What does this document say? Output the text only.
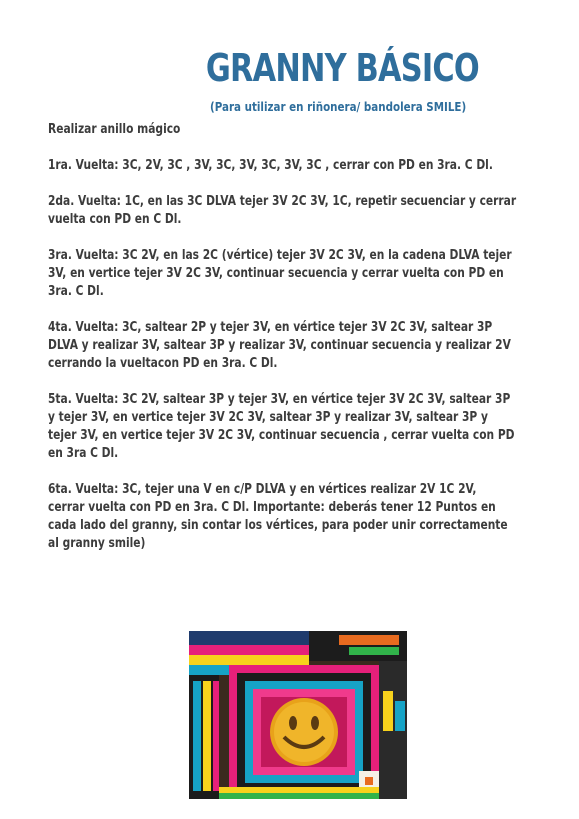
GRANNY BÁSICO
(Para utilizar en riñonera/ bandolera SMILE)

Realizar anillo mágico

1ra. Vuelta: 3C, 2V, 3C , 3V, 3C, 3V, 3C, 3V, 3C , cerrar con PD en 3ra. C Dl.

2da. Vuelta: 1C, en las 3C DLVA tejer 3V 2C 3V, 1C, repetir secuenciar y cerrar
vuelta con PD en C Dl.

3ra. Vuelta: 3C 2V, en las 2C (vértice) tejer 3V 2C 3V, en la cadena DLVA tejer
3V, en vertice tejer 3V 2C 3V, continuar secuencia y cerrar vuelta con PD en
3ra. C Dl.

4ta. Vuelta: 3C, saltear 2P y tejer 3V, en vértice tejer 3V 2C 3V, saltear 3P
DLVA y realizar 3V, saltear 3P y realizar 3V, continuar secuencia y realizar 2V
cerrando la vueltacon PD en 3ra. C Dl.

5ta. Vuelta: 3C 2V, saltear 3P y tejer 3V, en vértice tejer 3V 2C 3V, saltear 3P
y tejer 3V, en vertice tejer 3V 2C 3V, saltear 3P y realizar 3V, saltear 3P y
tejer 3V, en vertice tejer 3V 2C 3V, continuar secuencia , cerrar vuelta con PD
en 3ra C Dl.

6ta. Vuelta: 3C, tejer una V en c/P DLVA y en vértices realizar 2V 1C 2V,
cerrar vuelta con PD en 3ra. C Dl. Importante: deberás tener 12 Puntos en
cada lado del granny, sin contar los vértices, para poder unir correctamente
al granny smile)
